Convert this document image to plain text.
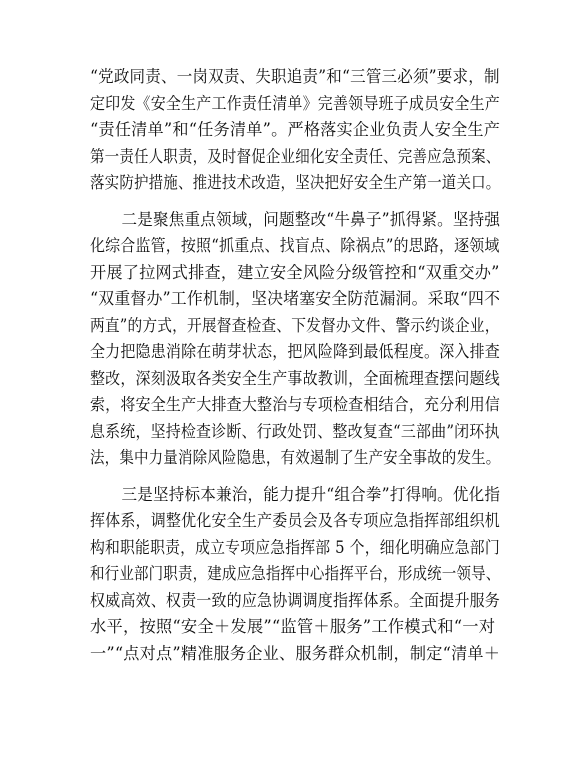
“党政同责、一岗双责、失职追责”和“三管三必须”要求，制
定印发《安全生产工作责任清单》完善领导班子成员安全生产
“责任清单”和“任务清单”。严格落实企业负责人安全生产
第一责任人职责，及时督促企业细化安全责任、完善应急预案、
落实防护措施、推进技术改造，坚决把好安全生产第一道关口。
　　二是聚焦重点领域，问题整改“牛鼻子”抓得紧。坚持强
化综合监管，按照“抓重点、找盲点、除祸点”的思路，逐领域
开展了拉网式排查，建立安全风险分级管控和“双重交办”
“双重督办”工作机制，坚决堵塞安全防范漏洞。采取“四不
两直”的方式，开展督查检查、下发督办文件、警示约谈企业，
全力把隐患消除在萌芽状态，把风险降到最低程度。深入排查
整改，深刻汲取各类安全生产事故教训，全面梳理查摆问题线
索，将安全生产大排查大整治与专项检查相结合，充分利用信
息系统，坚持检查诊断、行政处罚、整改复查“三部曲”闭环执
法，集中力量消除风险隐患，有效遏制了生产安全事故的发生。
　　三是坚持标本兼治，能力提升“组合拳”打得响。优化指
挥体系，调整优化安全生产委员会及各专项应急指挥部组织机
构和职能职责，成立专项应急指挥部 5 个，细化明确应急部门
和行业部门职责，建成应急指挥中心指挥平台，形成统一领导、
权威高效、权责一致的应急协调调度指挥体系。全面提升服务
水平，按照“安全＋发展”“监管＋服务”工作模式和“一对
一”“点对点”精准服务企业、服务群众机制，制定“清单＋
